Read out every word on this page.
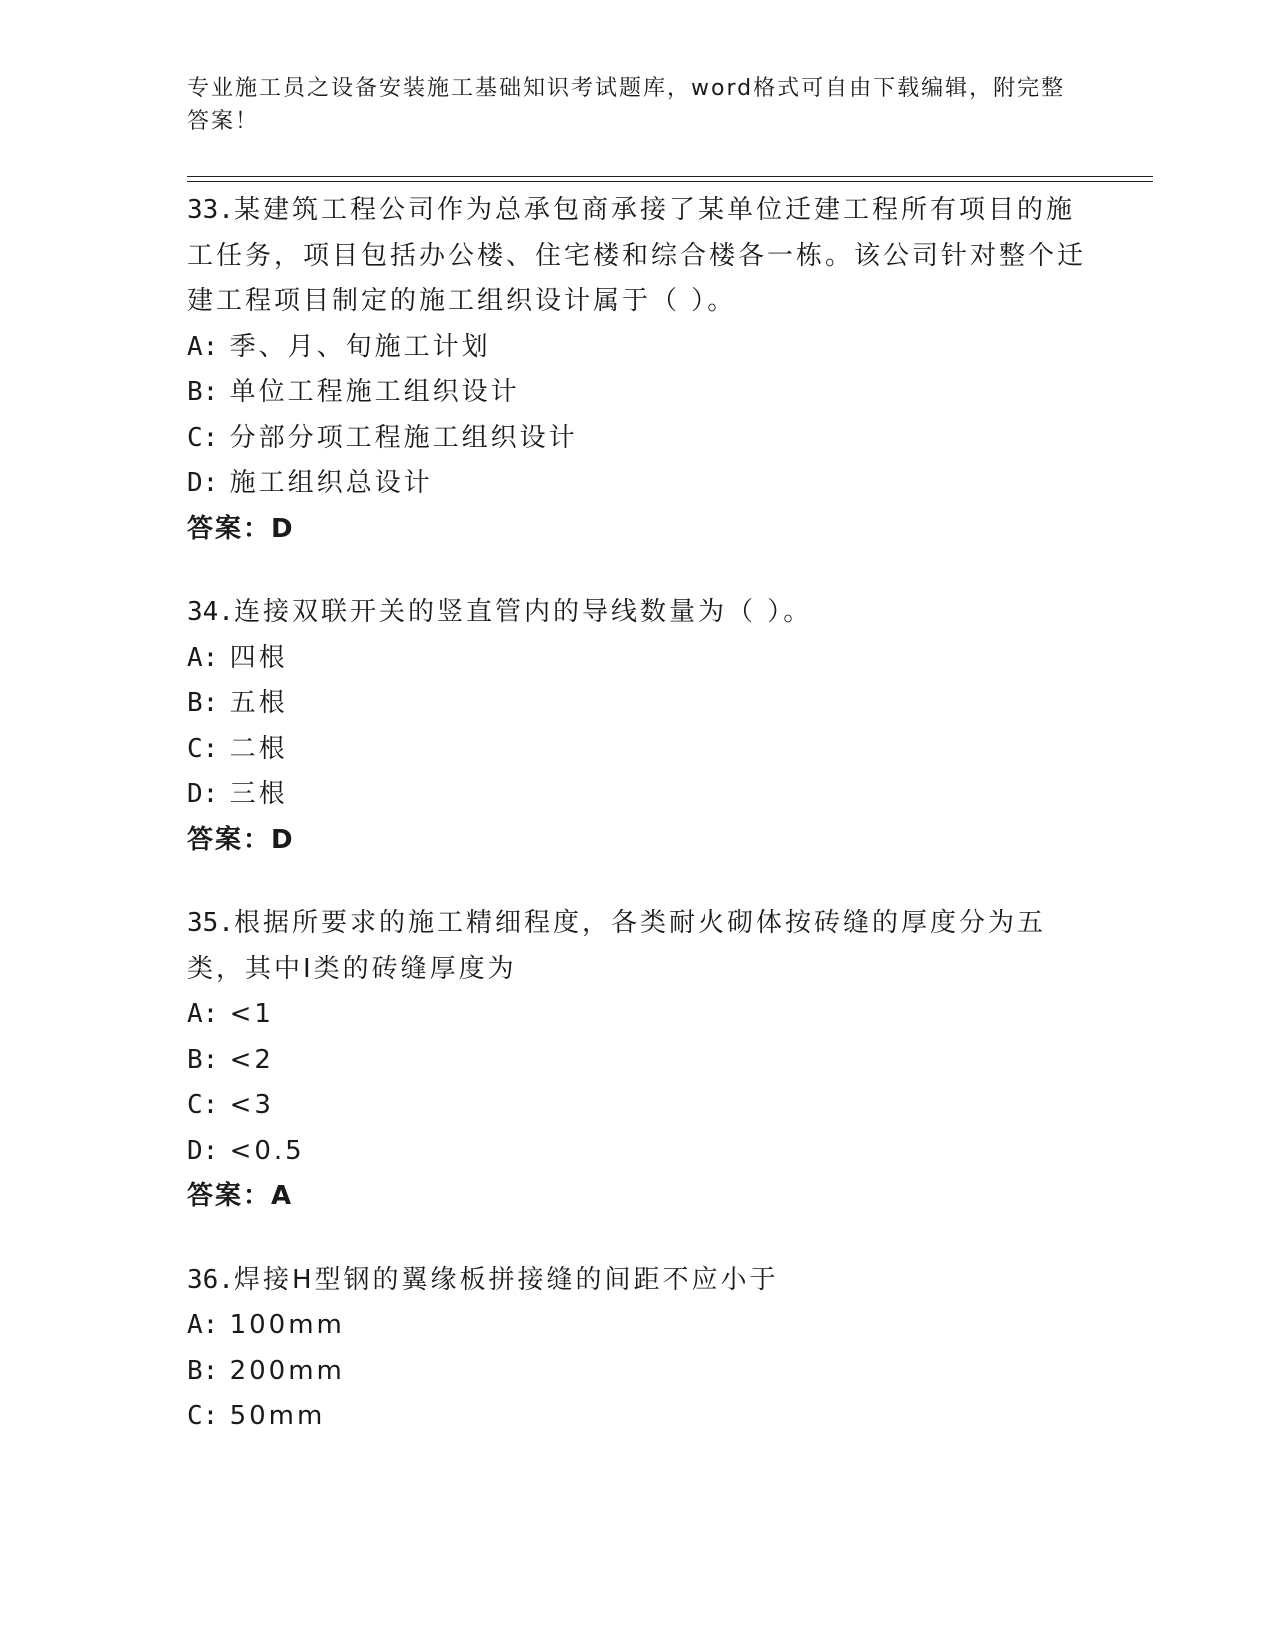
专业施工员之设备安装施工基础知识考试题库，word格式可自由下载编辑，附完整答案！
33.某建筑工程公司作为总承包商承接了某单位迁建工程所有项目的施工任务，项目包括办公楼、住宅楼和综合楼各一栋。该公司针对整个迁建工程项目制定的施工组织设计属于（ ）。
A: 季、月、旬施工计划
B: 单位工程施工组织设计
C: 分部分项工程施工组织设计
D: 施工组织总设计
答案：D
34.连接双联开关的竖直管内的导线数量为（ ）。
A: 四根
B: 五根
C: 二根
D: 三根
答案：D
35.根据所要求的施工精细程度，各类耐火砌体按砖缝的厚度分为五类，其中Ⅰ类的砖缝厚度为
A: <1
B: <2
C: <3
D: <0.5
答案：A
36.焊接H型钢的翼缘板拼接缝的间距不应小于
A: 100mm
B: 200mm
C: 50mm
